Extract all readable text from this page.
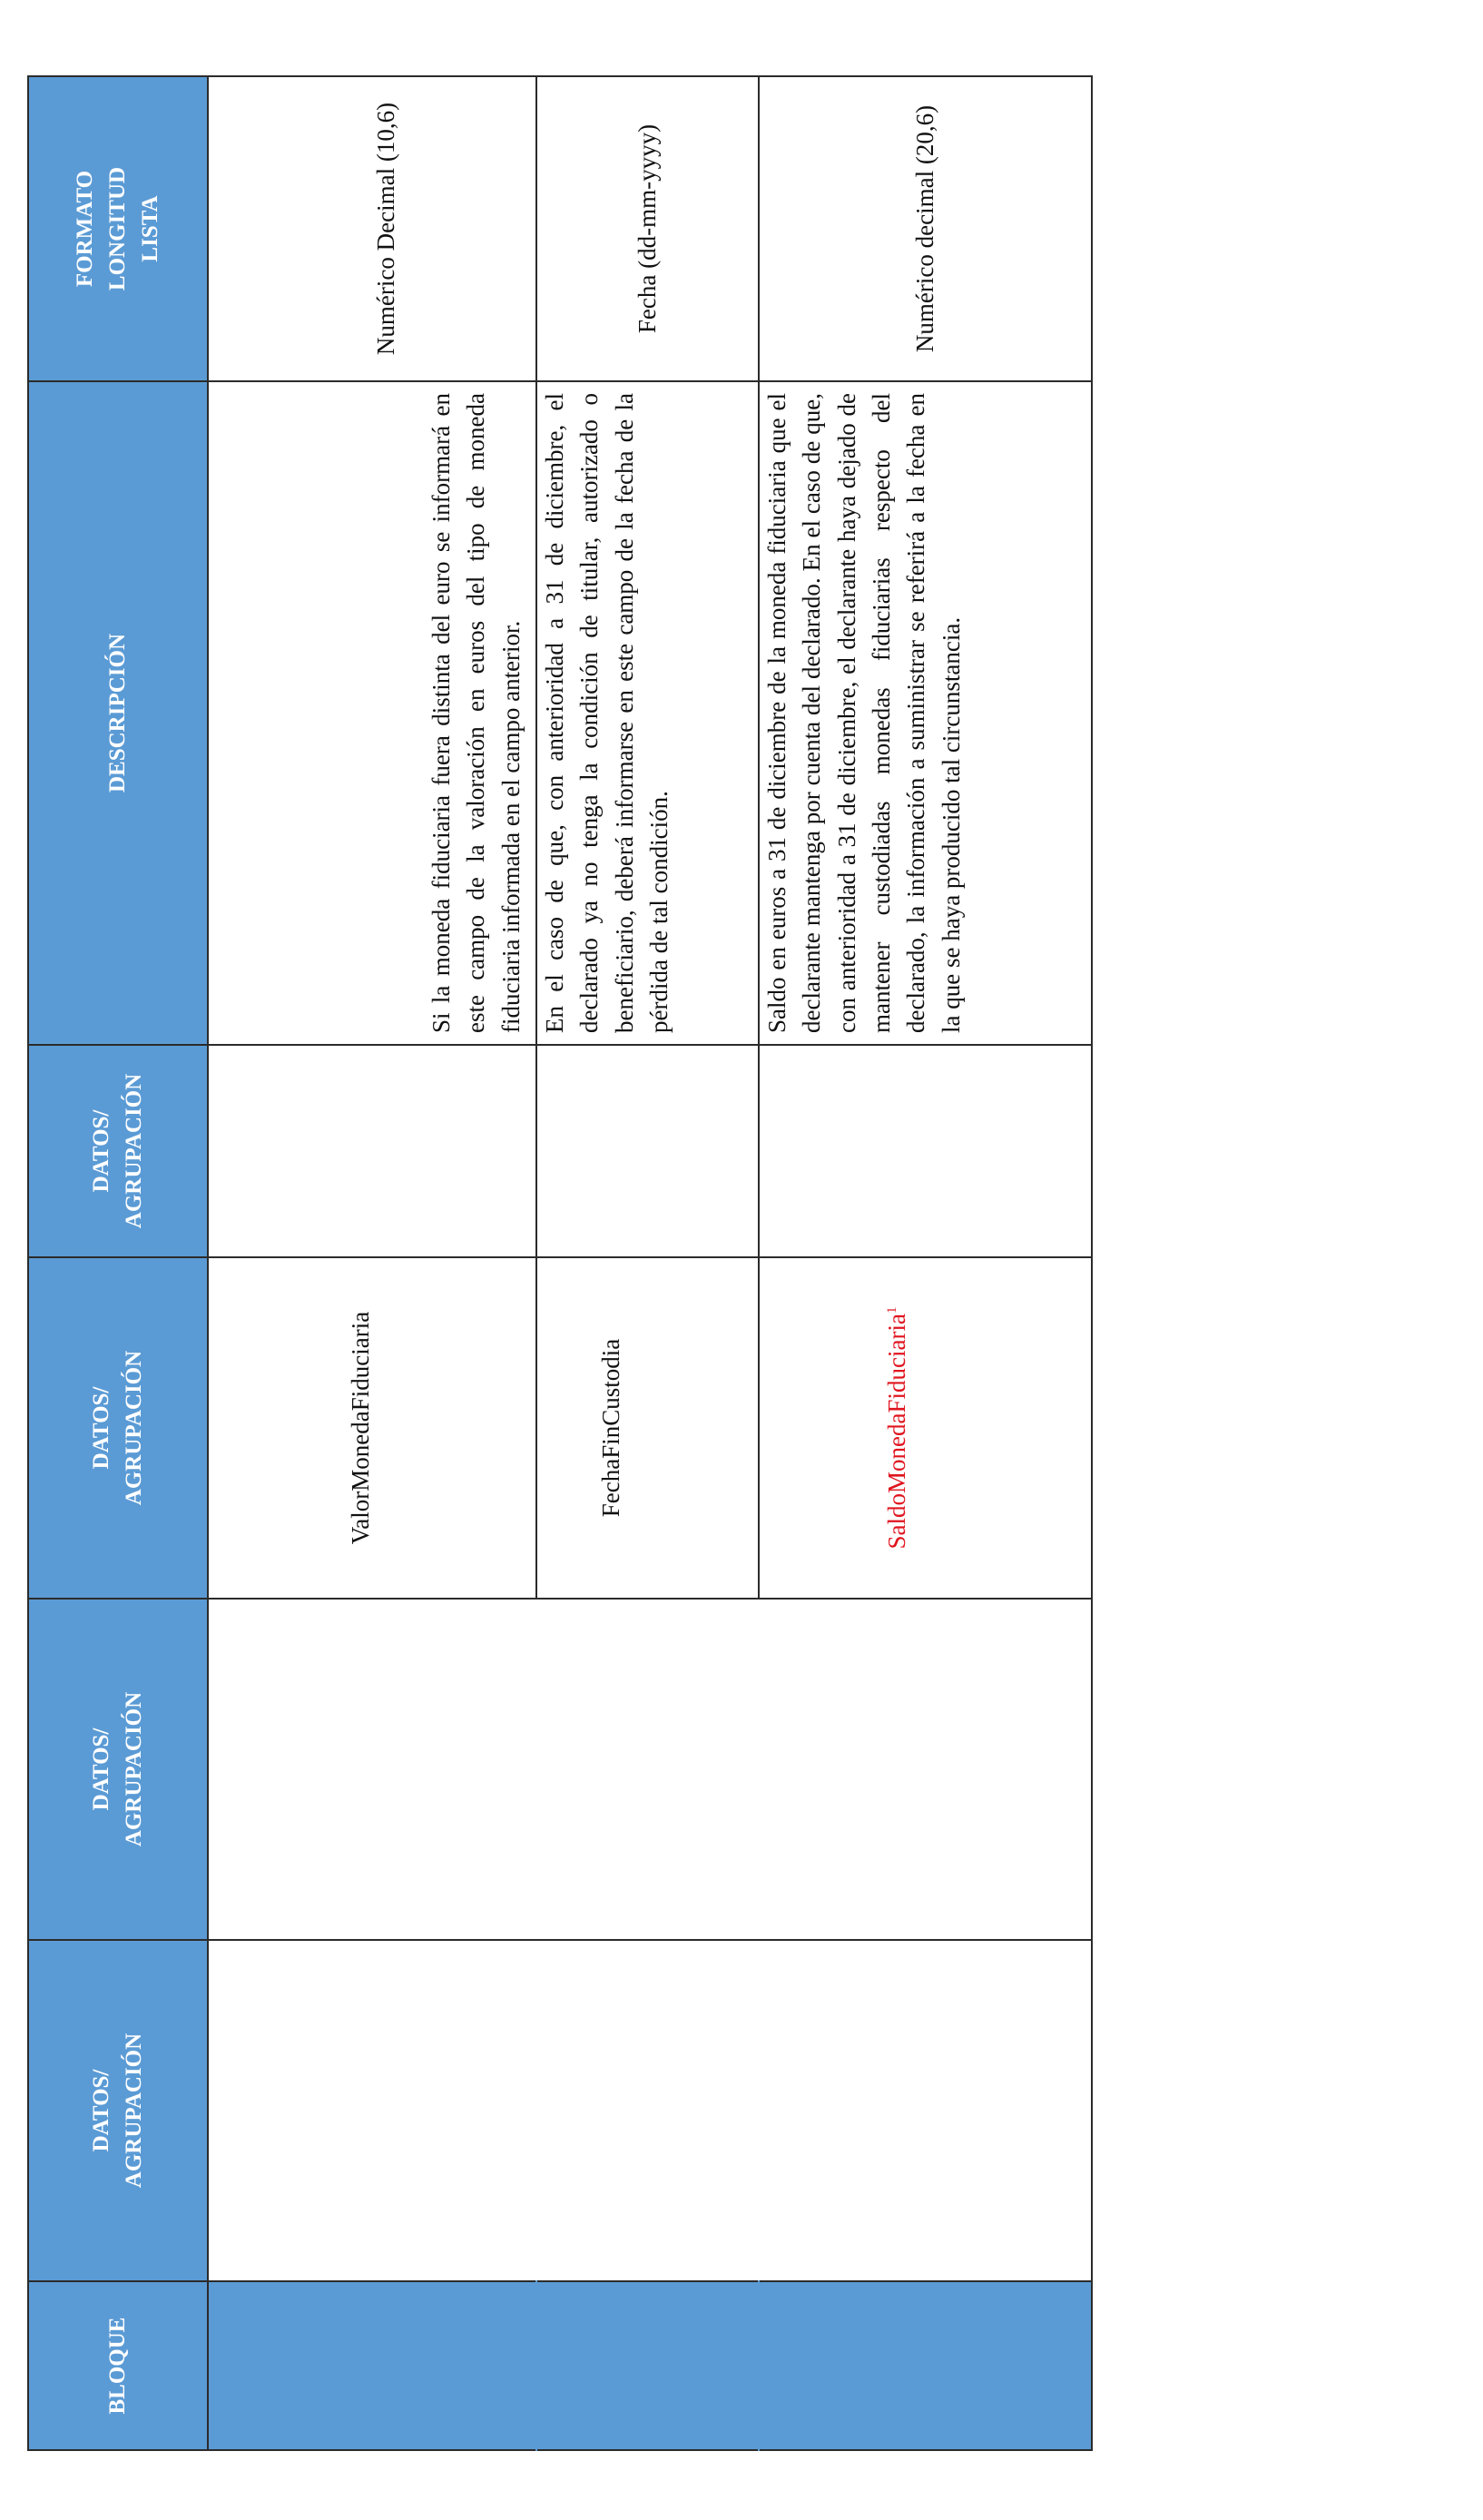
BLOQUE	DATOS/ AGRUPACIÓN	DATOS/ AGRUPACIÓN	DATOS/ AGRUPACIÓN	DATOS/ AGRUPACIÓN	DESCRIPCIÓN	FORMATO LONGITUD LISTA

			ValorMonedaFiduciaria		Si la moneda fiduciaria fuera distinta del euro se informará en este campo de la valoración en euros del tipo de moneda fiduciaria informada en el campo anterior.	Numérico Decimal (10,6)
			FechaFinCustodia		En el caso de que, con anterioridad a 31 de diciembre, el declarado ya no tenga la condición de titular, autorizado o beneficiario, deberá informarse en este campo de la fecha de la pérdida de tal condición.	Fecha (dd-mm-yyyy)
			SaldoMonedaFiduciaria$^1$		Saldo en euros a 31 de diciembre de la moneda fiduciaria que el declarante mantenga por cuenta del declarado. En el caso de que, con anterioridad a 31 de diciembre, el declarante haya dejado de mantener custodiadas monedas fiduciarias respecto del declarado, la información a suministrar se referirá a la fecha en la que se haya producido tal circunstancia.	Numérico decimal (20,6)
